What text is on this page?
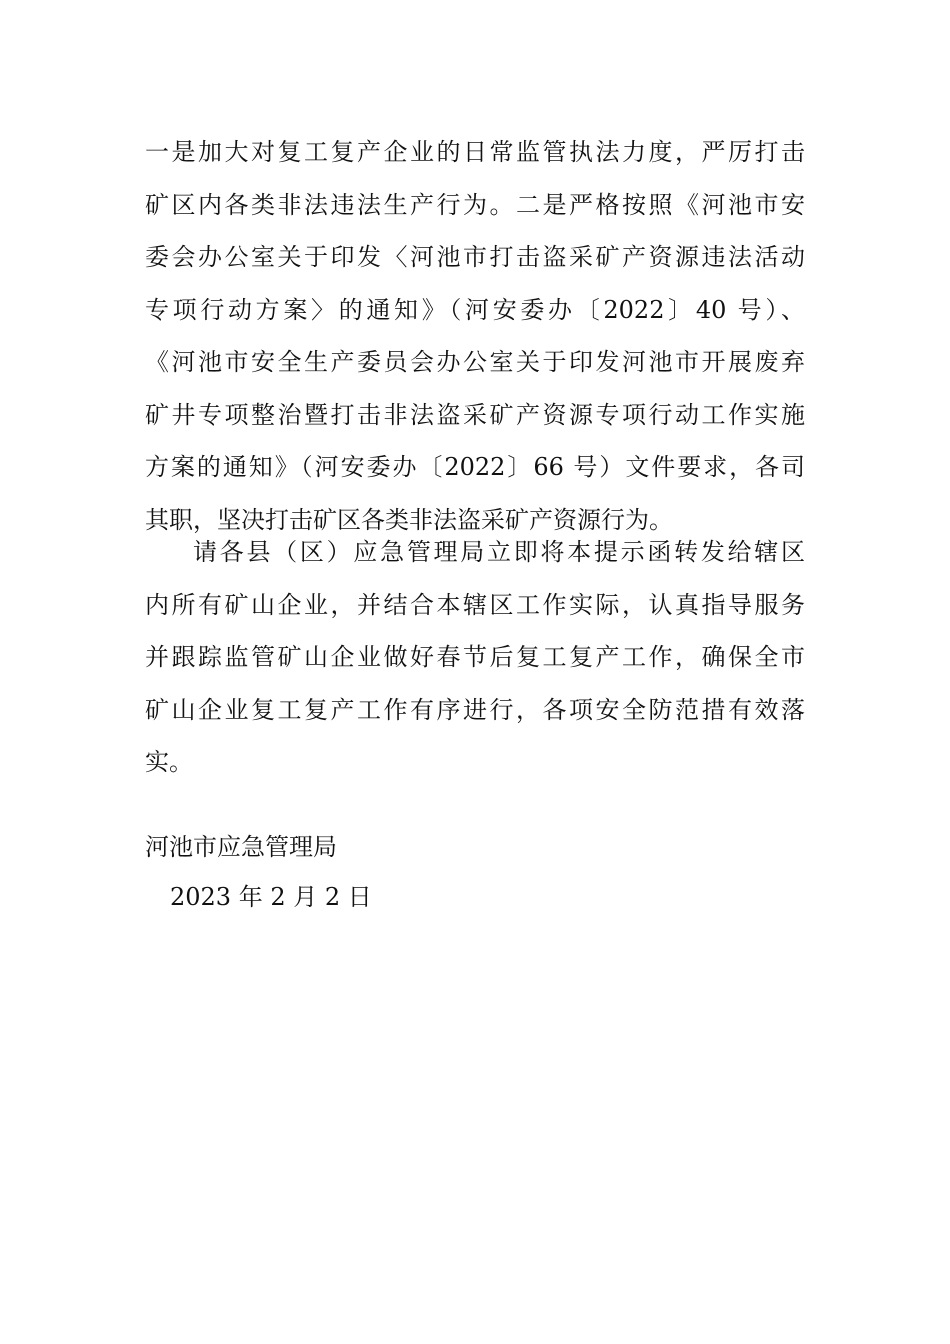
一是加大对复工复产企业的日常监管执法力度，严厉打击
矿区内各类非法违法生产行为。二是严格按照《河池市安
委会办公室关于印发〈河池市打击盗采矿产资源违法活动
专项行动方案〉的通知》（河安委办〔2022〕40 号）、
《河池市安全生产委员会办公室关于印发河池市开展废弃
矿井专项整治暨打击非法盗采矿产资源专项行动工作实施
方案的通知》（河安委办〔2022〕66 号）文件要求，各司
其职，坚决打击矿区各类非法盗采矿产资源行为。
请各县（区）应急管理局立即将本提示函转发给辖区
内所有矿山企业，并结合本辖区工作实际，认真指导服务
并跟踪监管矿山企业做好春节后复工复产工作，确保全市
矿山企业复工复产工作有序进行，各项安全防范措有效落
实。
河池市应急管理局
2023 年 2 月 2 日
